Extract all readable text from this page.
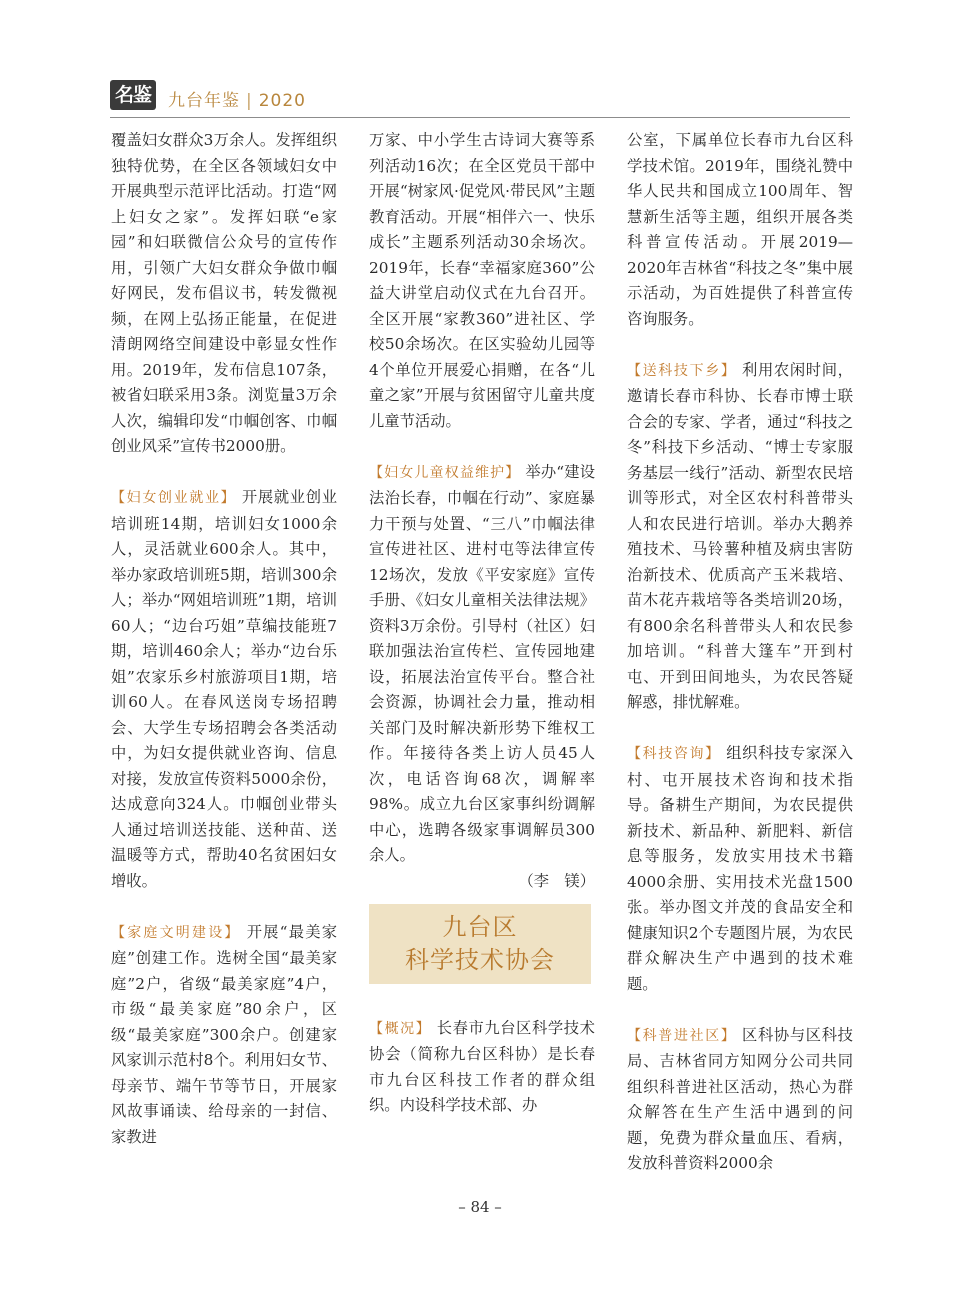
名鉴 九台年鉴 | 2020

覆盖妇女群众3万余人。发挥组织独特优势，在全区各领域妇女中开展典型示范评比活动。打造“网上妇女之家”。发挥妇联“e家园”和妇联微信公众号的宣传作用，引领广大妇女群众争做巾帼好网民，发布倡议书，转发微视频，在网上弘扬正能量，在促进清朗网络空间建设中彰显女性作用。2019年，发布信息107条，被省妇联采用3条。浏览量3万余人次，编辑印发“巾帼创客、巾帼创业风采”宣传书2000册。

【妇女创业就业】 开展就业创业培训班14期，培训妇女1000余人，灵活就业600余人。其中，举办家政培训班5期，培训300余人；举办“网姐培训班”1期，培训60人；“边台巧姐”草编技能班7期，培训460余人；举办“边台乐姐”农家乐乡村旅游项目1期，培训60人。在春风送岗专场招聘会、大学生专场招聘会各类活动中，为妇女提供就业咨询、信息对接，发放宣传资料5000余份，达成意向324人。巾帼创业带头人通过培训送技能、送种苗、送温暖等方式，帮助40名贫困妇女增收。

【家庭文明建设】 开展“最美家庭”创建工作。选树全国“最美家庭”2户，省级“最美家庭”4户，市级“最美家庭”80余户，区级“最美家庭”300余户。创建家风家训示范村8个。利用妇女节、母亲节、端午节等节日，开展家风故事诵读、给母亲的一封信、家教进

万家、中小学生古诗词大赛等系列活动16次；在全区党员干部中开展“树家风·促党风·带民风”主题教育活动。开展“相伴六一、快乐成长”主题系列活动30余场次。2019年，长春“幸福家庭360”公益大讲堂启动仪式在九台召开。全区开展“家教360”进社区、学校50余场次。在区实验幼儿园等4个单位开展爱心捐赠，在各“儿童之家”开展与贫困留守儿童共度儿童节活动。

【妇女儿童权益维护】 举办“建设法治长春，巾帼在行动”、家庭暴力干预与处置、“三八”巾帼法律宣传进社区、进村屯等法律宣传12场次，发放《平安家庭》宣传手册、《妇女儿童相关法律法规》资料3万余份。引导村（社区）妇联加强法治宣传栏、宣传园地建设，拓展法治宣传平台。整合社会资源，协调社会力量，推动相关部门及时解决新形势下维权工作。年接待各类上访人员45人次，电话咨询68次，调解率98%。成立九台区家事纠纷调解中心，选聘各级家事调解员300余人。

（李　镁）

九台区
科学技术协会

【概况】 长春市九台区科学技术协会（简称九台区科协）是长春市九台区科技工作者的群众组织。内设科学技术部、办

公室，下属单位长春市九台区科学技术馆。2019年，围绕礼赞中华人民共和国成立100周年、智慧新生活等主题，组织开展各类科普宣传活动。开展2019—2020年吉林省“科技之冬”集中展示活动，为百姓提供了科普宣传咨询服务。

【送科技下乡】 利用农闲时间，邀请长春市科协、长春市博士联合会的专家、学者，通过“科技之冬”科技下乡活动、“博士专家服务基层一线行”活动、新型农民培训等形式，对全区农村科普带头人和农民进行培训。举办大鹅养殖技术、马铃薯种植及病虫害防治新技术、优质高产玉米栽培、苗木花卉栽培等各类培训20场，有800余名科普带头人和农民参加培训。“科普大篷车”开到村屯、开到田间地头，为农民答疑解惑，排忧解难。

【科技咨询】 组织科技专家深入村、屯开展技术咨询和技术指导。备耕生产期间，为农民提供新技术、新品种、新肥料、新信息等服务，发放实用技术书籍4000余册、实用技术光盘1500张。举办图文并茂的食品安全和健康知识2个专题图片展，为农民群众解决生产中遇到的技术难题。

【科普进社区】 区科协与区科技局、吉林省同方知网分公司共同组织科普进社区活动，热心为群众解答在生产生活中遇到的问题，免费为群众量血压、看病，发放科普资料2000余

– 84 –
